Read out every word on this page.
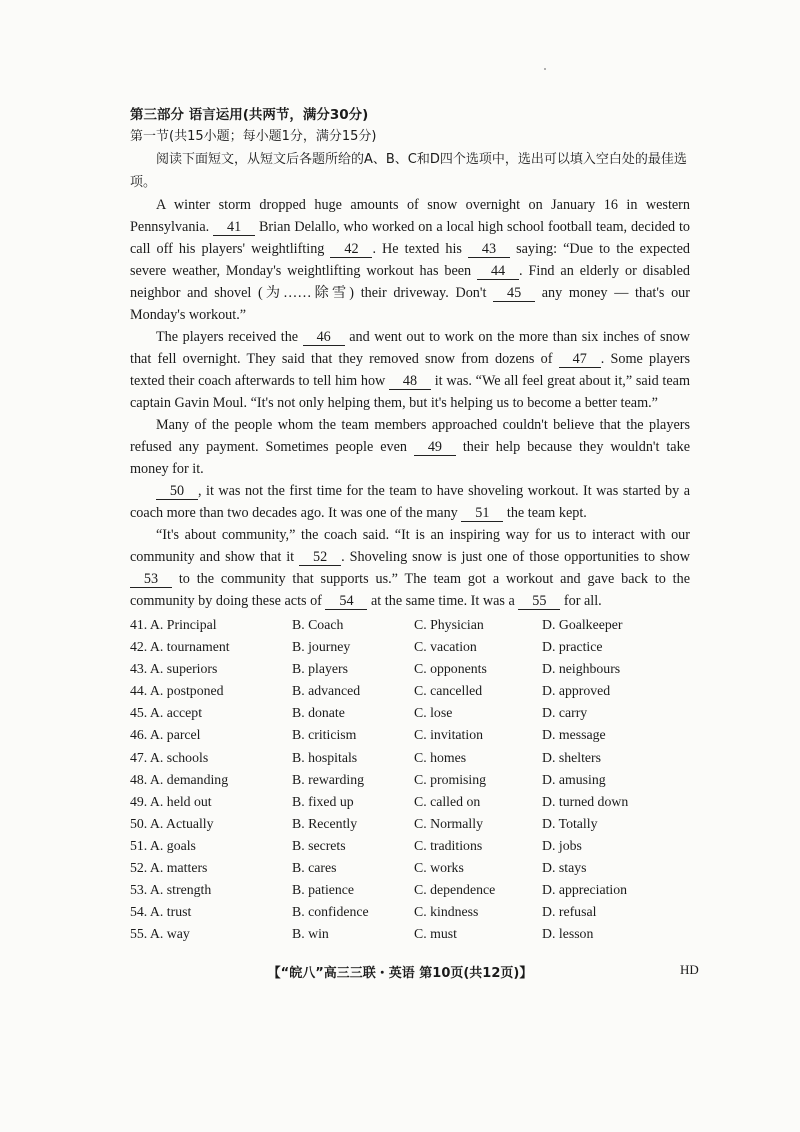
第三部分 语言运用(共两节，满分30分)
第一节(共15小题；每小题1分，满分15分)

阅读下面短文，从短文后各题所给的A、B、C和D四个选项中，选出可以填入空白处的最佳选项。

A winter storm dropped huge amounts of snow overnight on January 16 in western Pennsylvania. 41 Brian Delallo, who worked on a local high school football team, decided to call off his players' weightlifting 42 . He texted his 43 saying: “Due to the expected severe weather, Monday's weightlifting workout has been 44 . Find an elderly or disabled neighbor and shovel (为……除雪) their driveway. Don't 45 any money — that's our Monday's workout.”

The players received the 46 and went out to work on the more than six inches of snow that fell overnight. They said that they removed snow from dozens of 47 . Some players texted their coach afterwards to tell him how 48 it was. “We all feel great about it,” said team captain Gavin Moul. “It's not only helping them, but it's helping us to become a better team.”

Many of the people whom the team members approached couldn't believe that the players refused any payment. Sometimes people even 49 their help because they wouldn't take money for it.

50 , it was not the first time for the team to have shoveling workout. It was started by a coach more than two decades ago. It was one of the many 51 the team kept.

“It's about community,” the coach said. “It is an inspiring way for us to interact with our community and show that it 52 . Shoveling snow is just one of those opportunities to show 53 to the community that supports us.” The team got a workout and gave back to the community by doing these acts of 54 at the same time. It was a 55 for all.

41. A. Principal	B. Coach	C. Physician	D. Goalkeeper
42. A. tournament	B. journey	C. vacation	D. practice
43. A. superiors	B. players	C. opponents	D. neighbours
44. A. postponed	B. advanced	C. cancelled	D. approved
45. A. accept	B. donate	C. lose	D. carry
46. A. parcel	B. criticism	C. invitation	D. message
47. A. schools	B. hospitals	C. homes	D. shelters
48. A. demanding	B. rewarding	C. promising	D. amusing
49. A. held out	B. fixed up	C. called on	D. turned down
50. A. Actually	B. Recently	C. Normally	D. Totally
51. A. goals	B. secrets	C. traditions	D. jobs
52. A. matters	B. cares	C. works	D. stays
53. A. strength	B. patience	C. dependence	D. appreciation
54. A. trust	B. confidence	C. kindness	D. refusal
55. A. way	B. win	C. must	D. lesson
【“皖八”高三三联・英语 第10页(共12页)】	HD
